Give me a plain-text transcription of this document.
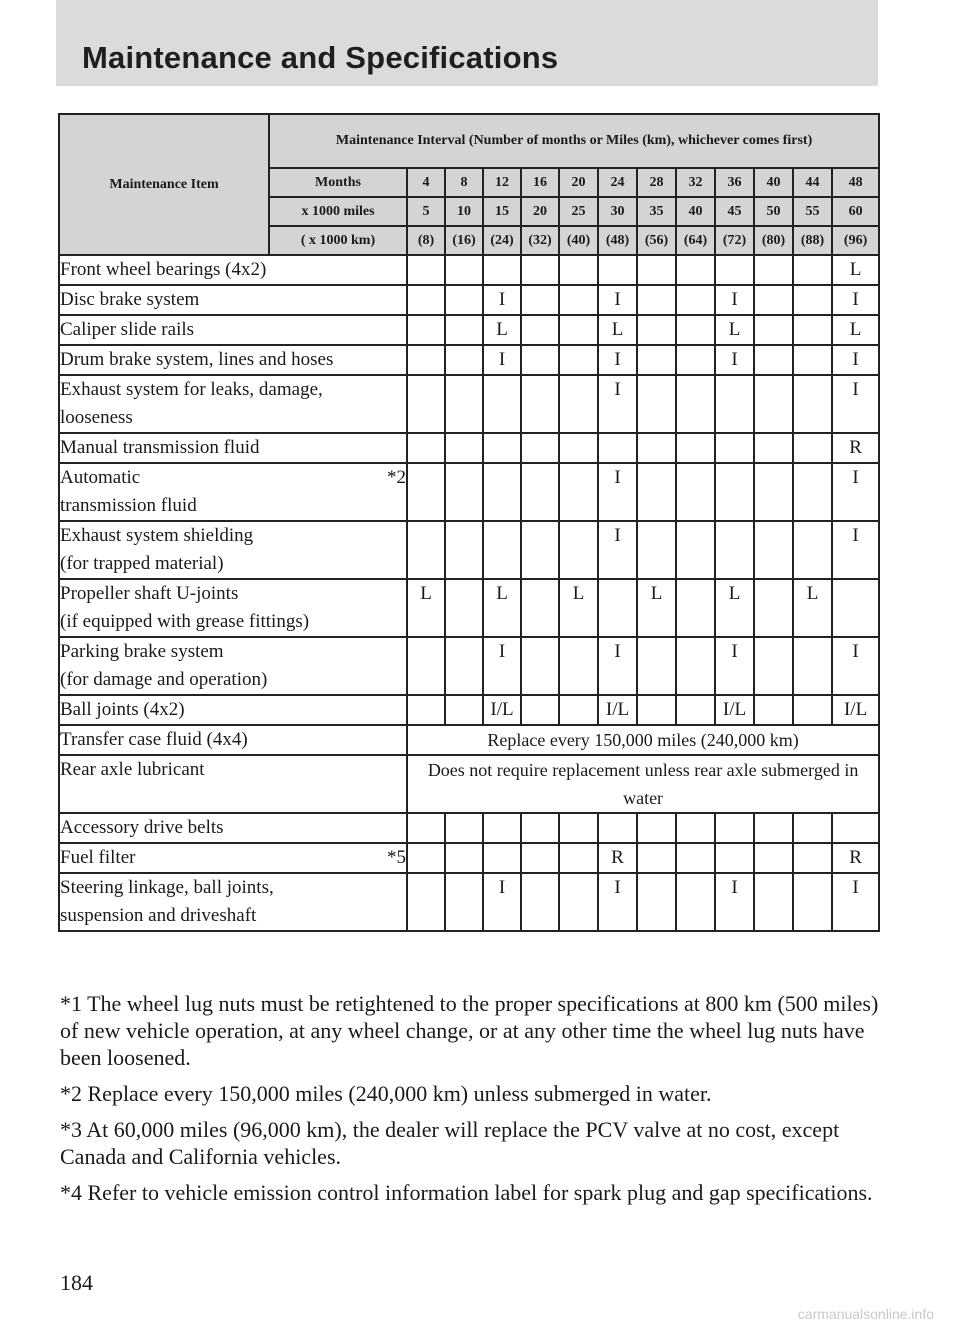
Maintenance and Specifications
Maintenance Item	Maintenance Interval (Number of months or Miles (km), whichever comes first)												
	Months	4	8	12	16	20	24	28	32	36	40	44	48
	x 1000 miles	5	10	15	20	25	30	35	40	45	50	55	60
	( x 1000 km)	(8)	(16)	(24)	(32)	(40)	(48)	(56)	(64)	(72)	(80)	(88)	(96)

Front wheel bearings (4x2)													L

Disc brake system				I			I			I			I

Caliper slide rails				L			L			L			L

Drum brake system, lines and hoses				I			I			I			I

Exhaust system for leaks, damage,
looseness							I						I

Manual transmission fluid													R

Automatic *2
transmission fluid							I						I

Exhaust system shielding
(for trapped material)							I						I

Propeller shaft U-joints
(if equipped with grease fittings)		L		L		L		L		L		L	

Parking brake system
(for damage and operation)				I			I			I			I

Ball joints (4x2)				I/L			I/L			I/L			I/L

Transfer case fluid (4x4)		Replace every 150,000 miles (240,000 km)											

Rear axle lubricant		Does not require replacement unless rear axle submerged in water											

Accessory drive belts													

Fuel filter *5							R						R

Steering linkage, ball joints,
suspension and driveshaft				I			I			I			I

*1 The wheel lug nuts must be retightened to the proper specifications at 800 km (500 miles) of new vehicle operation, at any wheel change, or at any other time the wheel lug nuts have been loosened.

*2 Replace every 150,000 miles (240,000 km) unless submerged in water.

*3 At 60,000 miles (96,000 km), the dealer will replace the PCV valve at no cost, except Canada and California vehicles.

*4 Refer to vehicle emission control information label for spark plug and gap specifications.

184
carmanualsonline.info
